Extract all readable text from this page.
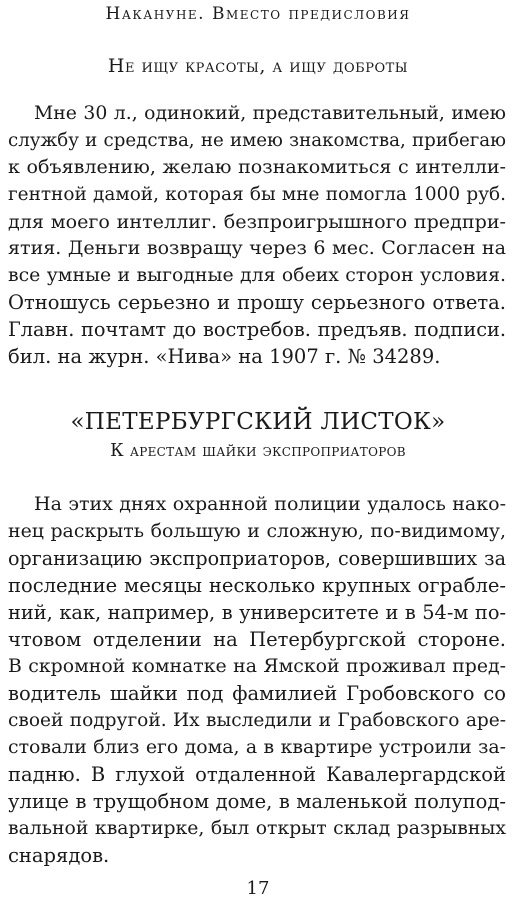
Накануне. Вместо предисловия
Не ищу красоты, а ищу доброты
Мне 30 л., одинокий, представительный, имею
службу и средства, не имею знакомства, прибегаю
к объявлению, желаю познакомиться с интелли-
гентной дамой, которая бы мне помогла 1000 руб.
для моего интеллиг. безпроигрышного предпри-
ятия. Деньги возвращу через 6 мес. Согласен на
все умные и выгодные для обеих сторон условия.
Отношусь серьезно и прошу серьезного ответа.
Главн. почтамт до востребов. предъяв. подписи.
бил. на журн. «Нива» на 1907 г. № 34289.
«ПЕТЕРБУРГСКИЙ ЛИСТОК»
К арестам шайки экспроприаторов
На этих днях охранной полиции удалось нако-
нец раскрыть большую и сложную, по-видимому,
организацию экспроприаторов, совершивших за
последние месяцы несколько крупных ограбле-
ний, как, например, в университете и в 54-м по-
чтовом отделении на Петербургской стороне.
В скромной комнатке на Ямской проживал пред-
водитель шайки под фамилией Гробовского со
своей подругой. Их выследили и Грабовского аре-
стовали близ его дома, а в квартире устроили за-
падню. В глухой отдаленной Кавалергардской
улице в трущобном доме, в маленькой полупод-
вальной квартирке, был открыт склад разрывных
снарядов.
17
